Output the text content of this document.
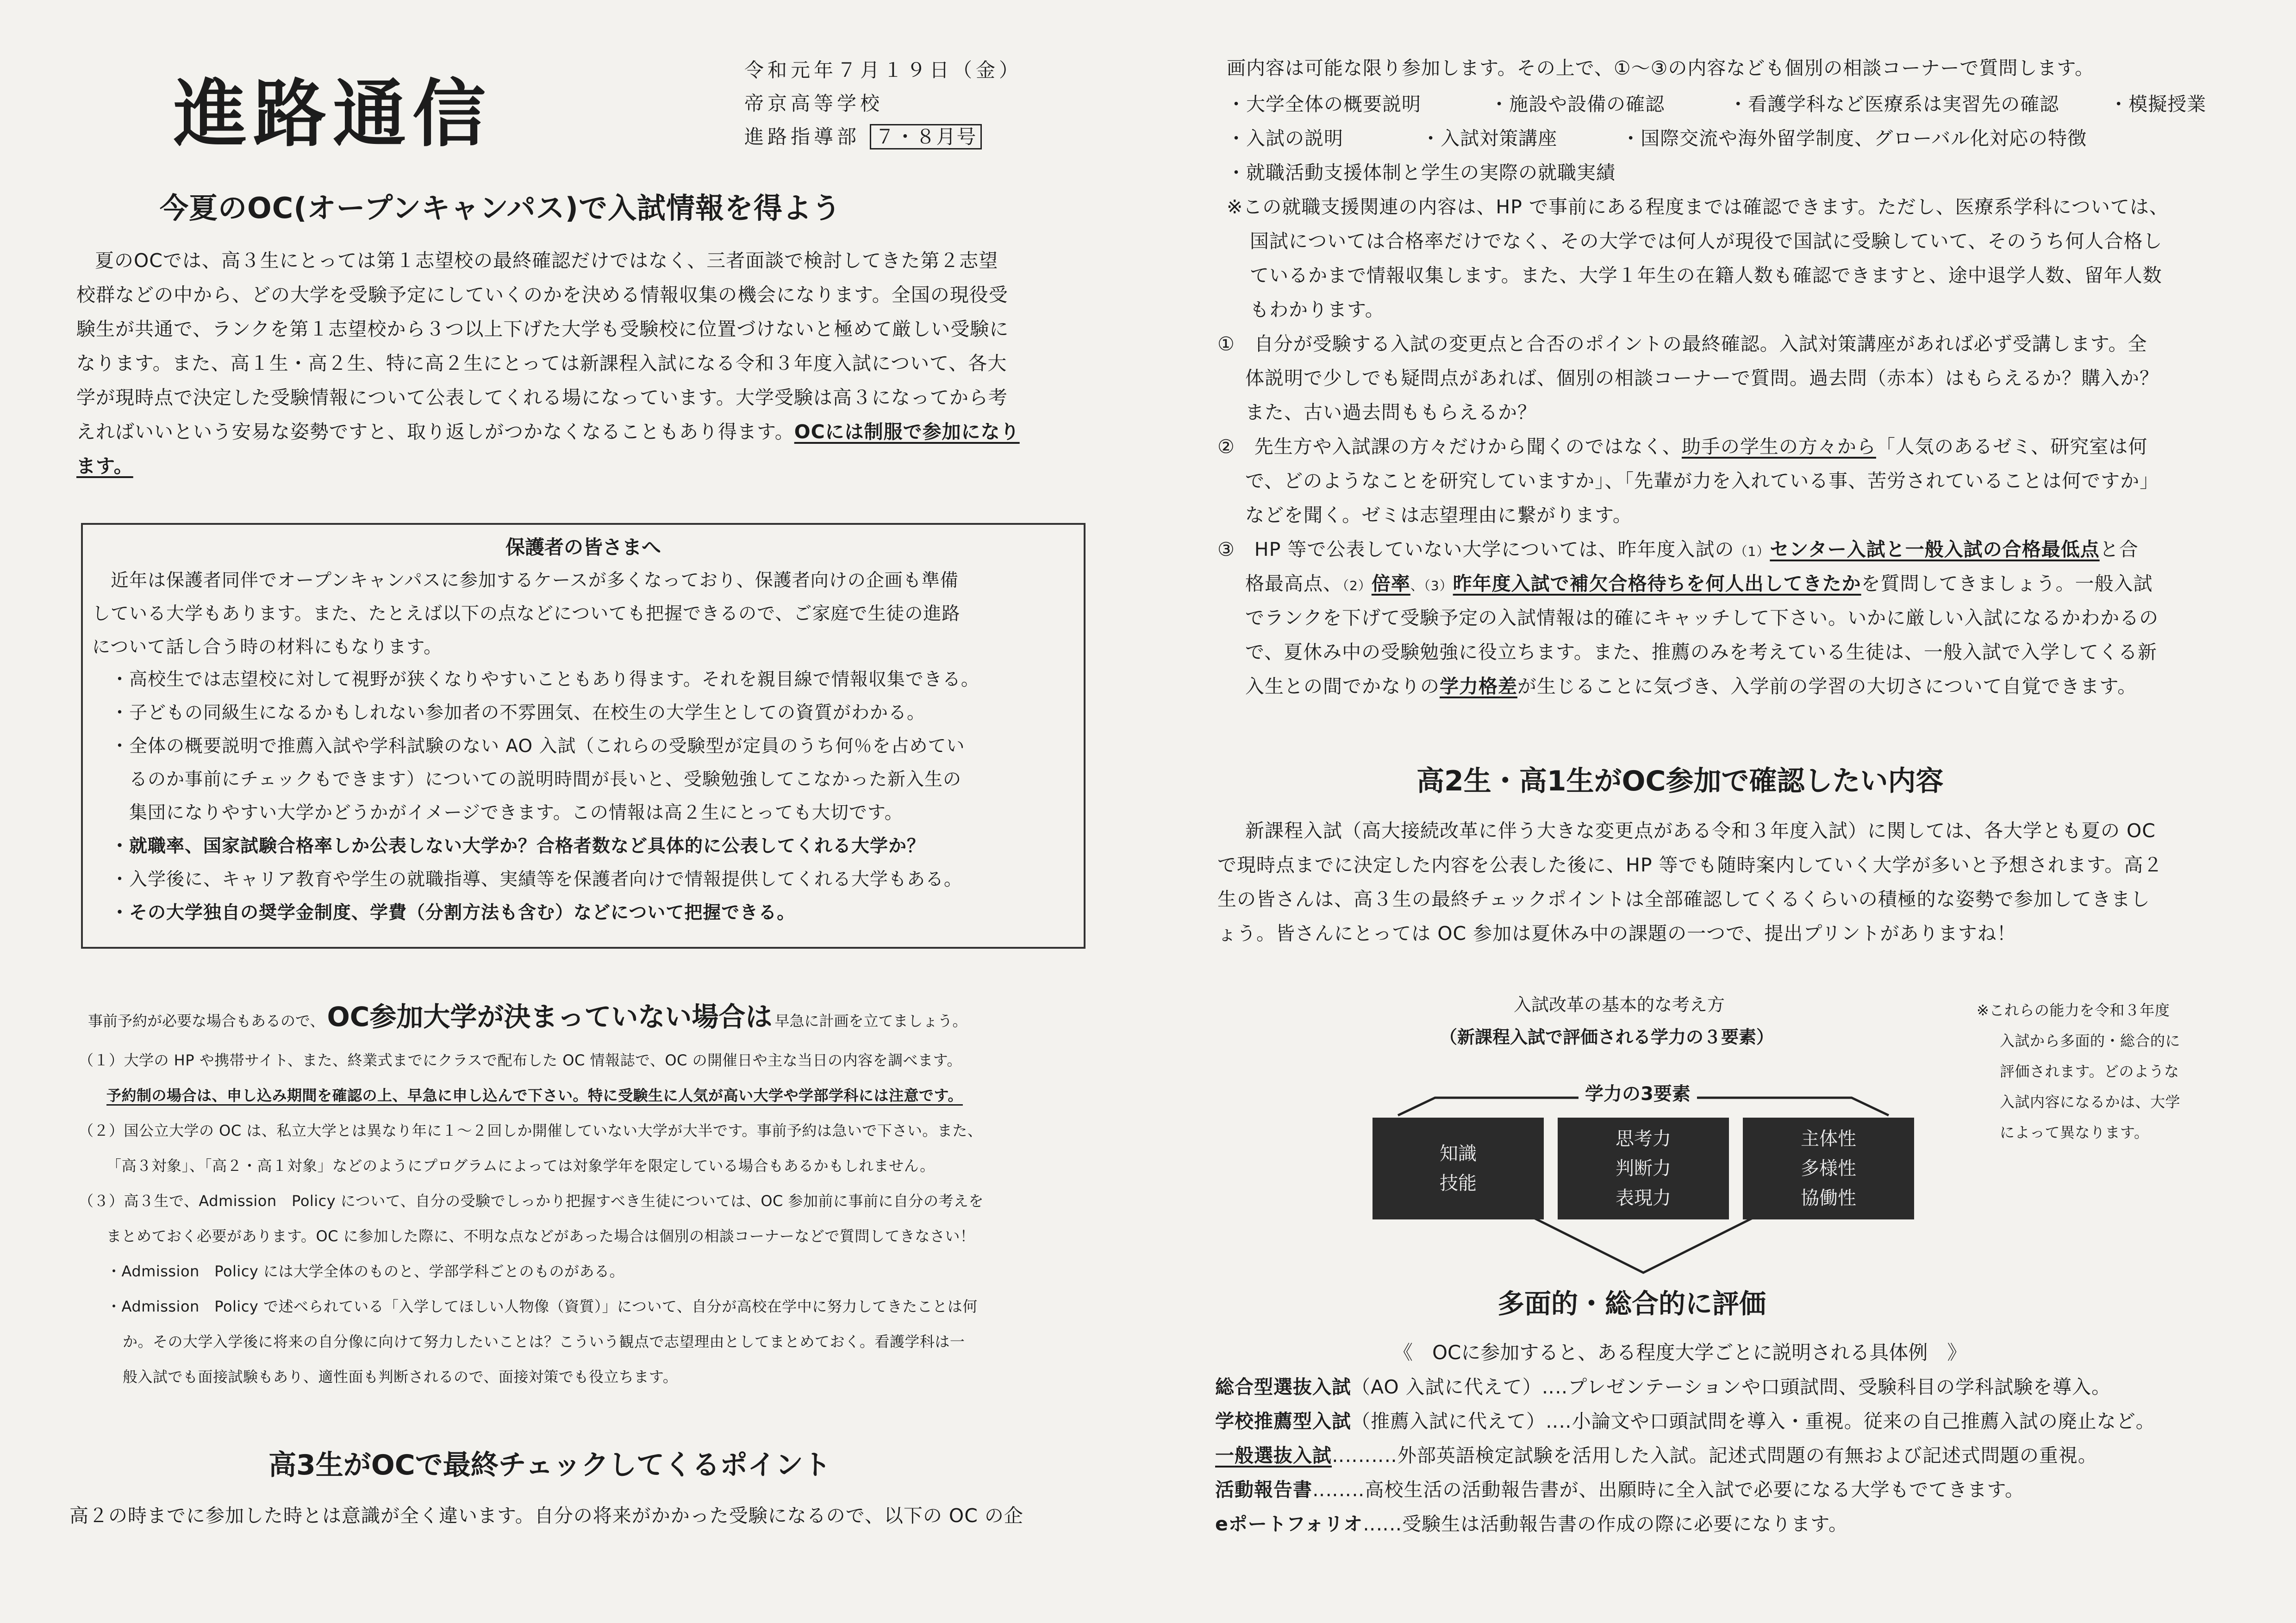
進路通信
令和元年７月１９日（金）
帝京高等学校
進路指導部 ７・８月号
今夏のOC(オープンキャンパス)で入試情報を得よう
夏のOCでは、高３生にとっては第１志望校の最終確認だけではなく、三者面談で検討してきた第２志望
校群などの中から、どの大学を受験予定にしていくのかを決める情報収集の機会になります。全国の現役受
験生が共通で、ランクを第１志望校から３つ以上下げた大学も受験校に位置づけないと極めて厳しい受験に
なります。また、高１生・高２生、特に高２生にとっては新課程入試になる令和３年度入試について、各大
学が現時点で決定した受験情報について公表してくれる場になっています。大学受験は高３になってから考
えればいいという安易な姿勢ですと、取り返しがつかなくなることもあり得ます。OCには制服で参加になり
ます。
保護者の皆さまへ
近年は保護者同伴でオープンキャンパスに参加するケースが多くなっており、保護者向けの企画も準備
している大学もあります。また、たとえば以下の点などについても把握できるので、ご家庭で生徒の進路
について話し合う時の材料にもなります。
・高校生では志望校に対して視野が狭くなりやすいこともあり得ます。それを親目線で情報収集できる。
・子どもの同級生になるかもしれない参加者の不雰囲気、在校生の大学生としての資質がわかる。
・全体の概要説明で推薦入試や学科試験のない AO 入試（これらの受験型が定員のうち何％を占めてい
るのか事前にチェックもできます）についての説明時間が長いと、受験勉強してこなかった新入生の
集団になりやすい大学かどうかがイメージできます。この情報は高２生にとっても大切です。
・就職率、国家試験合格率しか公表しない大学か？合格者数など具体的に公表してくれる大学か？
・入学後に、キャリア教育や学生の就職指導、実績等を保護者向けで情報提供してくれる大学もある。
・その大学独自の奨学金制度、学費（分割方法も含む）などについて把握できる。
事前予約が必要な場合もあるので、 OC参加大学が決まっていない場合は 早急に計画を立てましょう。
（１）大学の HP や携帯サイト、また、終業式までにクラスで配布した OC 情報誌で、OC の開催日や主な当日の内容を調べます。
予約制の場合は、申し込み期間を確認の上、早急に申し込んで下さい。特に受験生に人気が高い大学や学部学科には注意です。
（２）国公立大学の OC は、私立大学とは異なり年に１〜２回しか開催していない大学が大半です。事前予約は急いで下さい。また、
「高３対象」、「高２・高１対象」などのようにプログラムによっては対象学年を限定している場合もあるかもしれません。
（３）高３生で、Admission　Policy について、自分の受験でしっかり把握すべき生徒については、OC 参加前に事前に自分の考えを
まとめておく必要があります。OC に参加した際に、不明な点などがあった場合は個別の相談コーナーなどで質問してきなさい！
・Admission　Policy には大学全体のものと、学部学科ごとのものがある。
・Admission　Policy で述べられている「入学してほしい人物像（資質）」について、自分が高校在学中に努力してきたことは何
か。その大学入学後に将来の自分像に向けて努力したいことは？こういう観点で志望理由としてまとめておく。看護学科は一
般入試でも面接試験もあり、適性面も判断されるので、面接対策でも役立ちます。
高3生がOCで最終チェックしてくるポイント
高２の時までに参加した時とは意識が全く違います。自分の将来がかかった受験になるので、以下の OC の企
画内容は可能な限り参加します。その上で、①〜③の内容なども個別の相談コーナーで質問します。
・大学全体の概要説明	・施設や設備の確認	・看護学科など医療系は実習先の確認	・模擬授業
・入試の説明	・入試対策講座	・国際交流や海外留学制度、グローバル化対応の特徴
・就職活動支援体制と学生の実際の就職実績
※この就職支援関連の内容は、HP で事前にある程度までは確認できます。ただし、医療系学科については、
国試については合格率だけでなく、その大学では何人が現役で国試に受験していて、そのうち何人合格し
ているかまで情報収集します。また、大学１年生の在籍人数も確認できますと、途中退学人数、留年人数
もわかります。
①　自分が受験する入試の変更点と合否のポイントの最終確認。入試対策講座があれば必ず受講します。全
体説明で少しでも疑問点があれば、個別の相談コーナーで質問。過去問（赤本）はもらえるか？購入か？
また、古い過去問ももらえるか？
②　先生方や入試課の方々だけから聞くのではなく、助手の学生の方々から「人気のあるゼミ、研究室は何
で、どのようなことを研究していますか」、「先輩が力を入れている事、苦労されていることは何ですか」
などを聞く。ゼミは志望理由に繋がります。
③　HP 等で公表していない大学については、昨年度入試の（1）センター入試と一般入試の合格最低点と合
格最高点、（2）倍率、（3）昨年度入試で補欠合格待ちを何人出してきたかを質問してきましょう。一般入試
でランクを下げて受験予定の入試情報は的確にキャッチして下さい。いかに厳しい入試になるかわかるの
で、夏休み中の受験勉強に役立ちます。また、推薦のみを考えている生徒は、一般入試で入学してくる新
入生との間でかなりの学力格差が生じることに気づき、入学前の学習の大切さについて自覚できます。
高2生・高1生がOC参加で確認したい内容
新課程入試（高大接続改革に伴う大きな変更点がある令和３年度入試）に関しては、各大学とも夏の OC
で現時点までに決定した内容を公表した後に、HP 等でも随時案内していく大学が多いと予想されます。高２
生の皆さんは、高３生の最終チェックポイントは全部確認してくるくらいの積極的な姿勢で参加してきまし
ょう。皆さんにとっては OC 参加は夏休み中の課題の一つで、提出プリントがありますね！
入試改革の基本的な考え方
（新課程入試で評価される学力の３要素）
学力の3要素
知識
技能
思考力
判断力
表現力
主体性
多様性
協働性
多面的・総合的に評価
※これらの能力を令和３年度
入試から多面的・総合的に
評価されます。どのような
入試内容になるかは、大学
によって異なります。
《　OCに参加すると、ある程度大学ごとに説明される具体例　》
総合型選抜入試（AO 入試に代えて）‥‥プレゼンテーションや口頭試問、受験科目の学科試験を導入。
学校推薦型入試（推薦入試に代えて）‥‥小論文や口頭試問を導入・重視。従来の自己推薦入試の廃止など。
一般選抜入試‥‥‥‥‥外部英語検定試験を活用した入試。記述式問題の有無および記述式問題の重視。
活動報告書‥‥‥‥高校生活の活動報告書が、出願時に全入試で必要になる大学もでてきます。
eポートフォリオ‥‥‥受験生は活動報告書の作成の際に必要になります。
